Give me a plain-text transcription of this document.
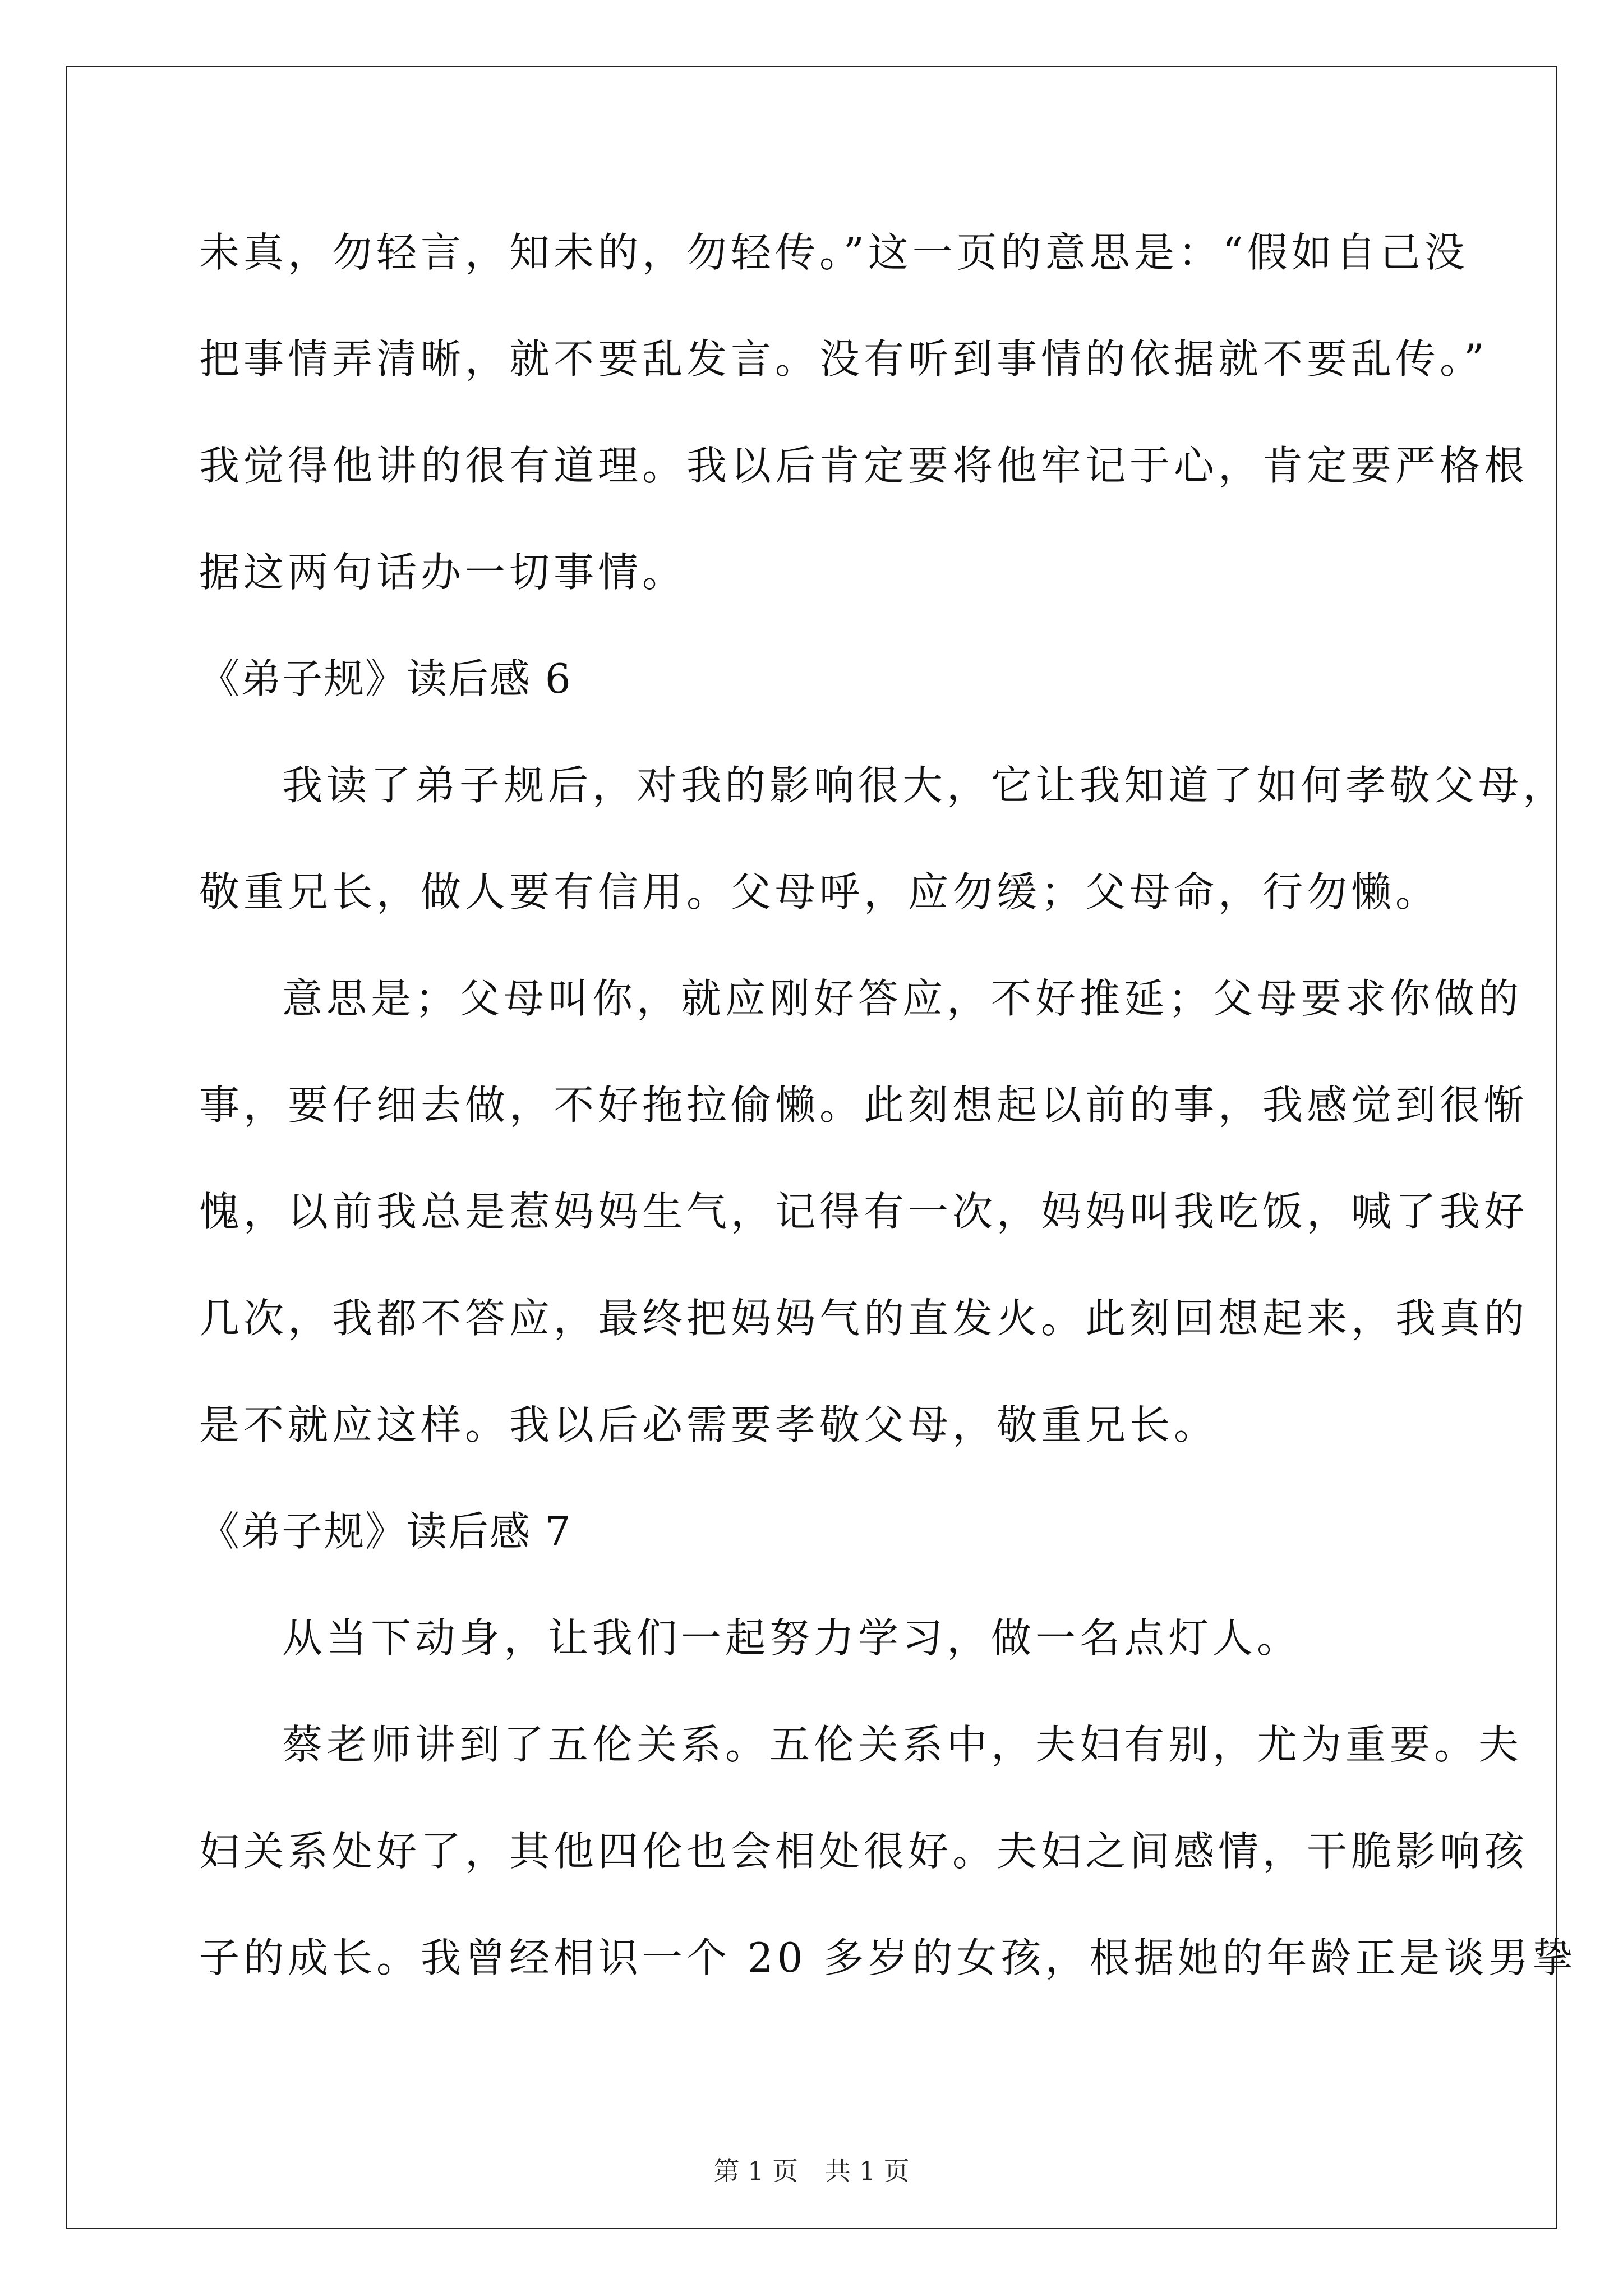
未真，勿轻言，知未的，勿轻传。”这一页的意思是：“假如自己没
把事情弄清晰，就不要乱发言。没有听到事情的依据就不要乱传。”
我觉得他讲的很有道理。我以后肯定要将他牢记于心，肯定要严格根
据这两句话办一切事情。
《弟子规》读后感 6
我读了弟子规后，对我的影响很大，它让我知道了如何孝敬父母，
敬重兄长，做人要有信用。父母呼，应勿缓；父母命，行勿懒。
意思是；父母叫你，就应刚好答应，不好推延；父母要求你做的
事，要仔细去做，不好拖拉偷懒。此刻想起以前的事，我感觉到很惭
愧，以前我总是惹妈妈生气，记得有一次，妈妈叫我吃饭，喊了我好
几次，我都不答应，最终把妈妈气的直发火。此刻回想起来，我真的
是不就应这样。我以后必需要孝敬父母，敬重兄长。
《弟子规》读后感 7
从当下动身，让我们一起努力学习，做一名点灯人。
蔡老师讲到了五伦关系。五伦关系中，夫妇有别，尤为重要。夫
妇关系处好了，其他四伦也会相处很好。夫妇之间感情，干脆影响孩
子的成长。我曾经相识一个 20 多岁的女孩，根据她的年龄正是谈男挚
第 1 页 共 1 页
